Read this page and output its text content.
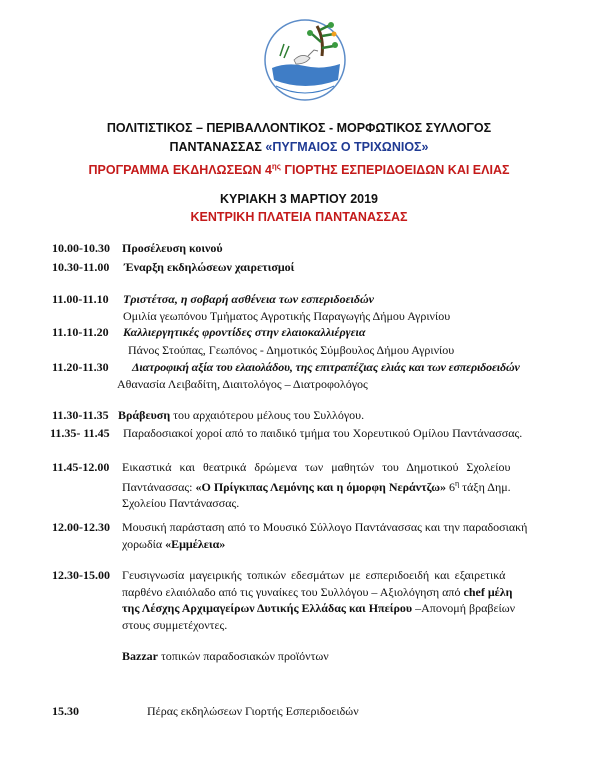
ΠΟΛΙΤΙΣΤΙΚΟΣ – ΠΕΡΙΒΑΛΛΟΝΤΙΚΟΣ - ΜΟΡΦΩΤΙΚΟΣ ΣΥΛΛΟΓΟΣ
ΠΑΝΤΑΝΑΣΣΑΣ «ΠΥΓΜΑΙΟΣ Ο ΤΡΙΧΩΝΙΟΣ»
ΠΡΟΓΡΑΜΜΑ ΕΚΔΗΛΩΣΕΩΝ $4^{\eta\varsigma}$ ΓΙΟΡΤΗΣ ΕΣΠΕΡΙΔΟΕΙΔΩΝ ΚΑΙ ΕΛΙΑΣ
ΚΥΡΙΑΚΗ 3 ΜΑΡΤΙΟΥ 2019
ΚΕΝΤΡΙΚΗ ΠΛΑΤΕΙΑ ΠΑΝΤΑΝΑΣΣΑΣ
10.00-10.30 Προσέλευση κοινού
10.30-11.00 Έναρξη εκδηλώσεων χαιρετισμοί
11.00-11.10 Τριστέτσα, η σοβαρή ασθένεια των εσπεριδοειδών
Ομιλία γεωπόνου Τμήματος Αγροτικής Παραγωγής Δήμου Αγρινίου
11.10-11.20 Καλλιεργητικές φροντίδες στην ελαιοκαλλιέργεια
Πάνος Στούπας, Γεωπόνος - Δημοτικός Σύμβουλος Δήμου Αγρινίου
11.20-11.30 Διατροφική αξία του ελαιολάδου, της επιτραπέζιας ελιάς και των εσπεριδοειδών
Αθανασία Λειβαδίτη, Διαιτολόγος – Διατροφολόγος
11.30-11.35 Βράβευση του αρχαιότερου μέλους του Συλλόγου.
11.35- 11.45 Παραδοσιακοί χοροί από το παιδικό τμήμα του Χορευτικού Ομίλου Παντάνασσας.
11.45-12.00 Εικαστικά και θεατρικά δρώμενα των μαθητών του Δημοτικού Σχολείου
Παντάνασσας: «Ο Πρίγκιπας Λεμόνης και η όμορφη Νεράντζω» $6^\eta$ τάξη Δημ.
Σχολείου Παντάνασσας.
12.00-12.30 Μουσική παράσταση από το Μουσικό Σύλλογο Παντάνασσας και την παραδοσιακή
χορωδία «Εμμέλεια»
12.30-15.00 Γευσιγνωσία μαγειρικής τοπικών εδεσμάτων με εσπεριδοειδή και εξαιρετικά
παρθένο ελαιόλαδο από τις γυναίκες του Συλλόγου – Αξιολόγηση από chef μέλη
της Λέσχης Αρχιμαγείρων Δυτικής Ελλάδας και Ηπείρου –Απονομή βραβείων
στους συμμετέχοντες.
Bazzar τοπικών παραδοσιακών προϊόντων
15.30	Πέρας εκδηλώσεων Γιορτής Εσπεριδοειδών
